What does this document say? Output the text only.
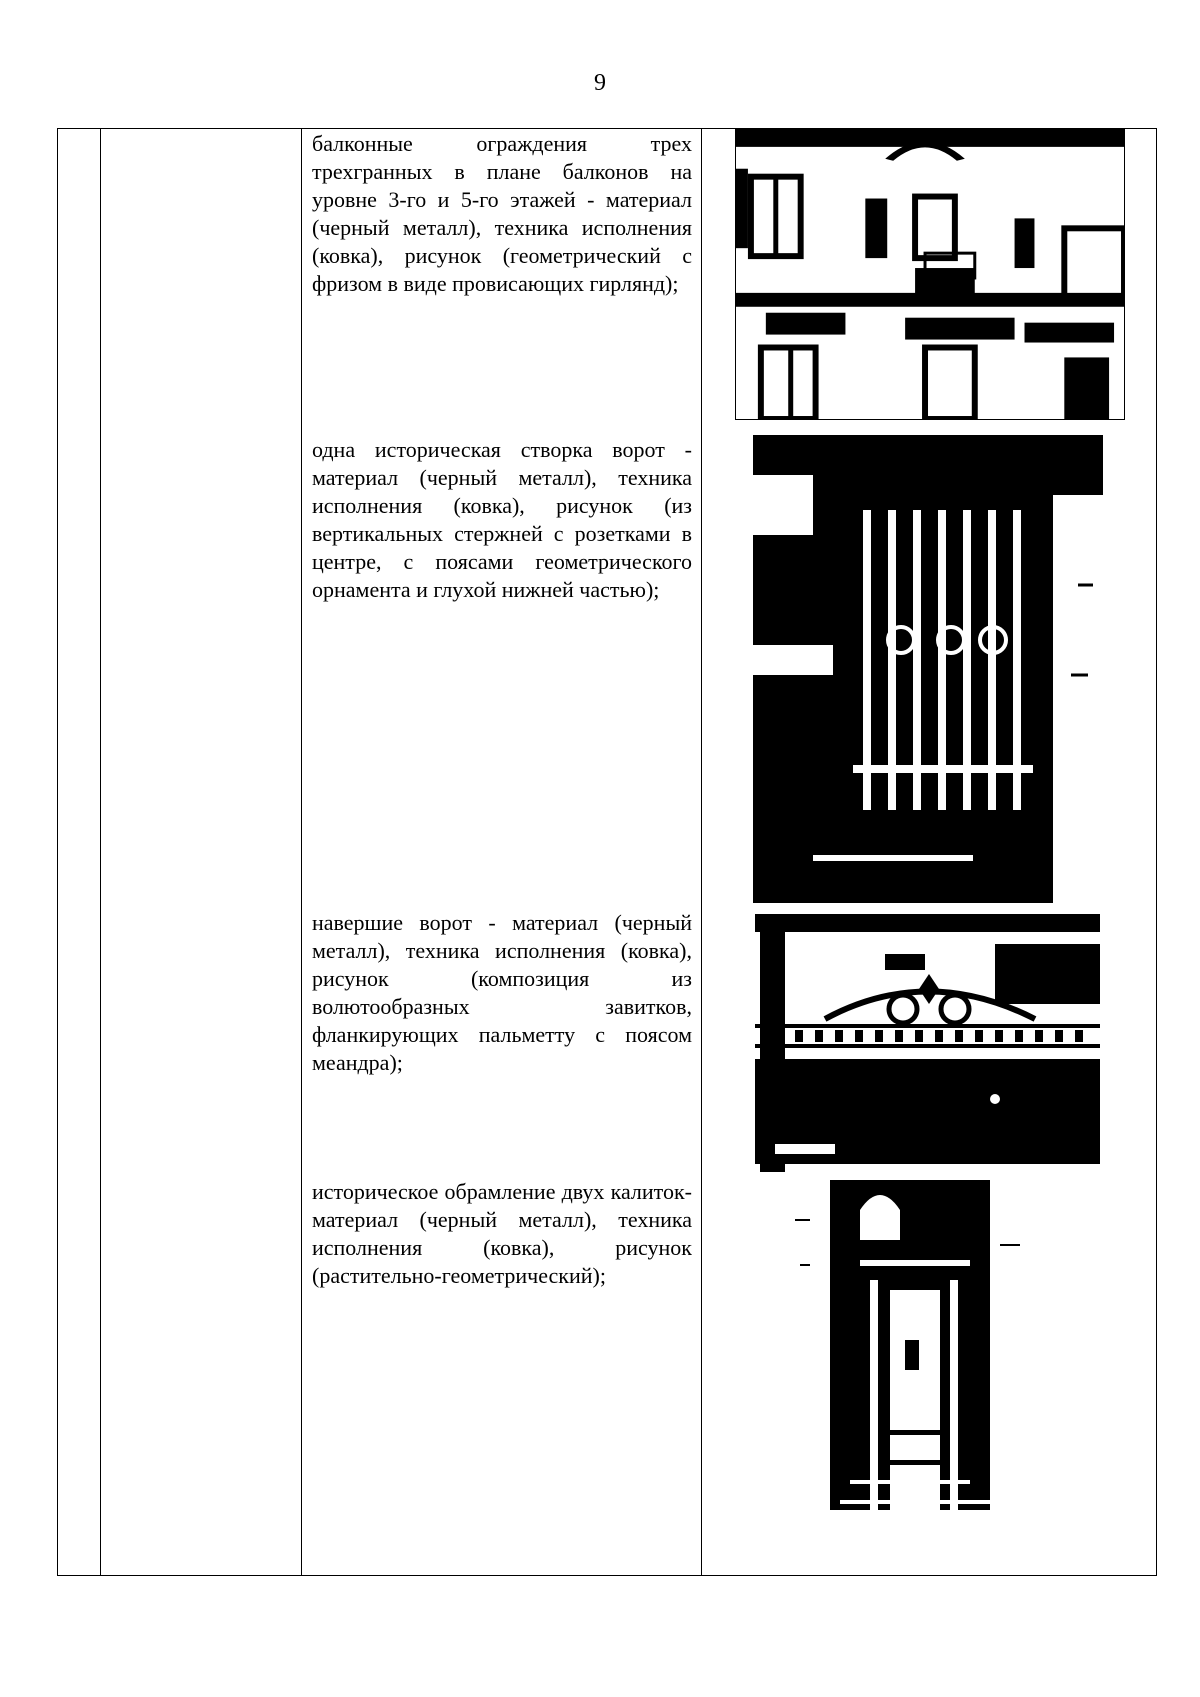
9
балконные ограждения трех трехгранных в плане балконов на уровне 3-го и 5-го этажей - материал (черный металл), техника исполнения (ковка), рисунок (геометрический с фризом в виде провисающих гирлянд);
одна историческая створка ворот - материал (черный металл), техника исполнения (ковка), рисунок (из вертикальных стержней с розетками в центре, с поясами геометрического орнамента и глухой нижней частью);
навершие ворот - материал (черный металл), техника исполнения (ковка), рисунок (композиция из волютообразных завитков, фланкирующих пальметту с поясом меандра);
историческое обрамление двух калиток- материал (черный металл), техника исполнения (ковка), рисунок (растительно-геометрический);
